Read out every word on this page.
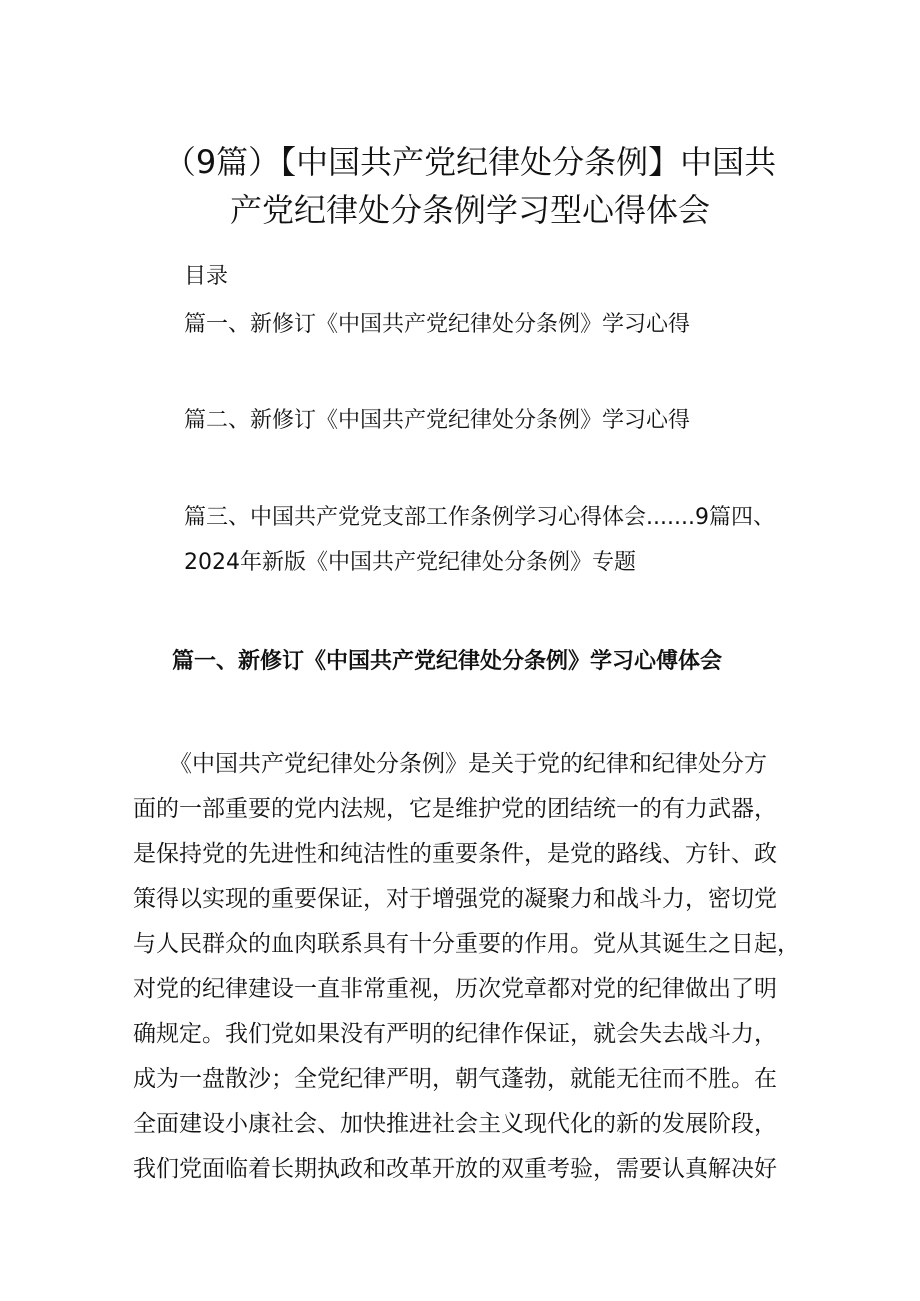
（9篇）【中国共产党纪律处分条例】中国共
产党纪律处分条例学习型心得体会
目录
篇一、新修订《中国共产党纪律处分条例》学习心得
篇二、新修订《中国共产党纪律处分条例》学习心得
篇三、中国共产党党支部工作条例学习心得体会.......9篇四、
2024年新版《中国共产党纪律处分条例》专题
篇一、新修订《中国共产党纪律处分条例》学习心傅体会
《中国共产党纪律处分条例》是关于党的纪律和纪律处分方
面的一部重要的党内法规，它是维护党的团结统一的有力武器，
是保持党的先进性和纯洁性的重要条件，是党的路线、方针、政
策得以实现的重要保证，对于增强党的凝聚力和战斗力，密切党
与人民群众的血肉联系具有十分重要的作用。党从其诞生之日起，
对党的纪律建设一直非常重视，历次党章都对党的纪律做出了明
确规定。我们党如果没有严明的纪律作保证，就会失去战斗力，
成为一盘散沙；全党纪律严明，朝气蓬勃，就能无往而不胜。在
全面建设小康社会、加快推进社会主义现代化的新的发展阶段，
我们党面临着长期执政和改革开放的双重考验，需要认真解决好
